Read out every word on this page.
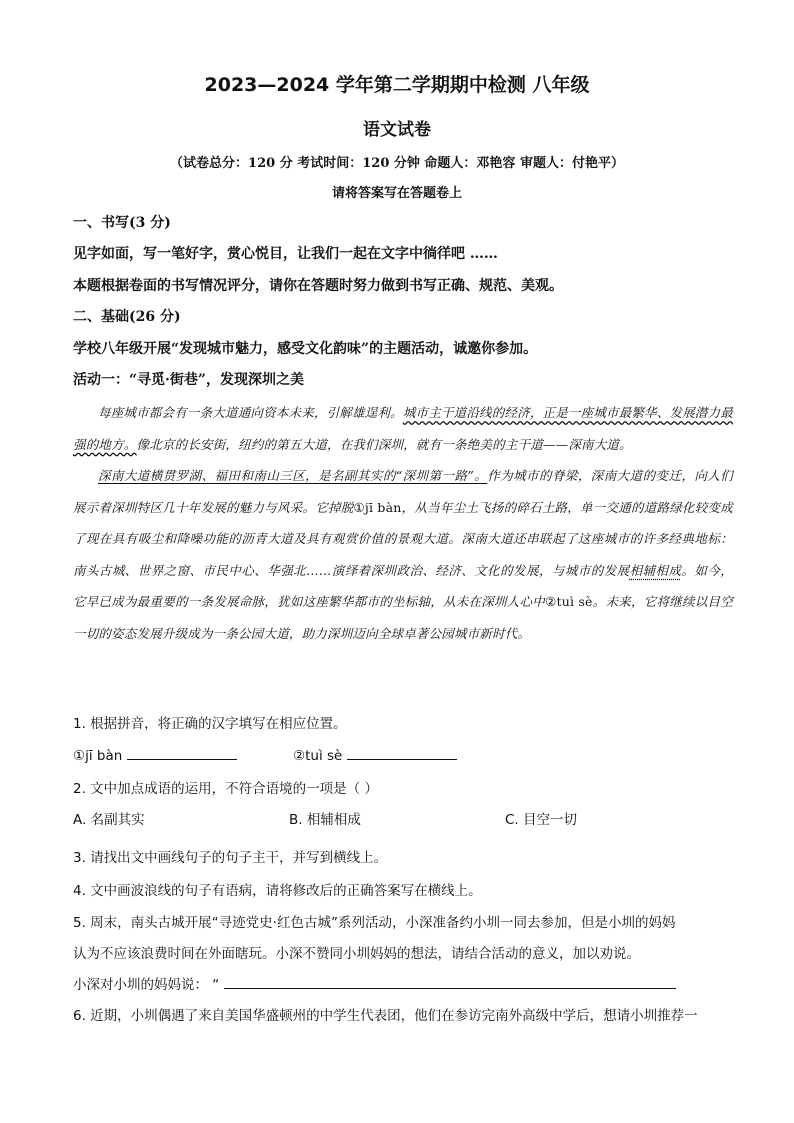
2023—2024 学年第二学期期中检测 八年级
语文试卷
（试卷总分：120 分 考试时间：120 分钟 命题人：邓艳容 审题人：付艳平）
请将答案写在答题卷上
一、书写(3 分)
见字如面，写一笔好字，赏心悦目，让我们一起在文字中徜徉吧 ……
本题根据卷面的书写情况评分，请你在答题时努力做到书写正确、规范、美观。
二、基础(26 分)
学校八年级开展“发现城市魅力，感受文化韵味”的主题活动，诚邀你参加。
活动一：“寻觅·街巷”，发现深圳之美

每座城市都会有一条大道通向资本未来，引解雄逞利。城市主干道沿线的经济，正是一座城市最繁华、发展潜力最强的地方。像北京的长安街，纽约的第五大道，在我们深圳，就有一条绝美的主干道——深南大道。

深南大道横贯罗湖、福田和南山三区，是名副其实的“深圳第一路”。作为城市的脊梁，深南大道的变迁，向人们展示着深圳特区几十年发展的魅力与风采。它掉脱①jī bàn，从当年尘土飞扬的碎石土路，单一交通的道路绿化较变成了现在具有吸尘和降噪功能的沥青大道及具有观赏价值的景观大道。深南大道还串联起了这座城市的许多经典地标：南头古城、世界之窗、市民中心、华强北……演绎着深圳政治、经济、文化的发展，与城市的发展相辅相成。如今，它早已成为最重要的一条发展命脉，犹如这座繁华都市的坐标轴，从未在深圳人心中②tuì sè。未来，它将继续以目空一切的姿态发展升级成为一条公园大道，助力深圳迈向全球卓著公园城市新时代。

1. 根据拼音，将正确的汉字填写在相应位置。
①jī bàn	②tuì sè
2. 文中加点成语的运用，不符合语境的一项是（ ）
A. 名副其实	B. 相辅相成	C. 目空一切
3. 请找出文中画线句子的句子主干，并写到横线上。
4. 文中画波浪线的句子有语病，请将修改后的正确答案写在横线上。
5. 周末，南头古城开展“寻迹党史·红色古城”系列活动，小深准备约小圳一同去参加，但是小圳的妈妈
认为不应该浪费时间在外面瞎玩。小深不赞同小圳妈妈的想法，请结合活动的意义，加以劝说。
小深对小圳的妈妈说： “
6. 近期，小圳偶遇了来自美国华盛顿州的中学生代表团，他们在参访完南外高级中学后，想请小圳推荐一
